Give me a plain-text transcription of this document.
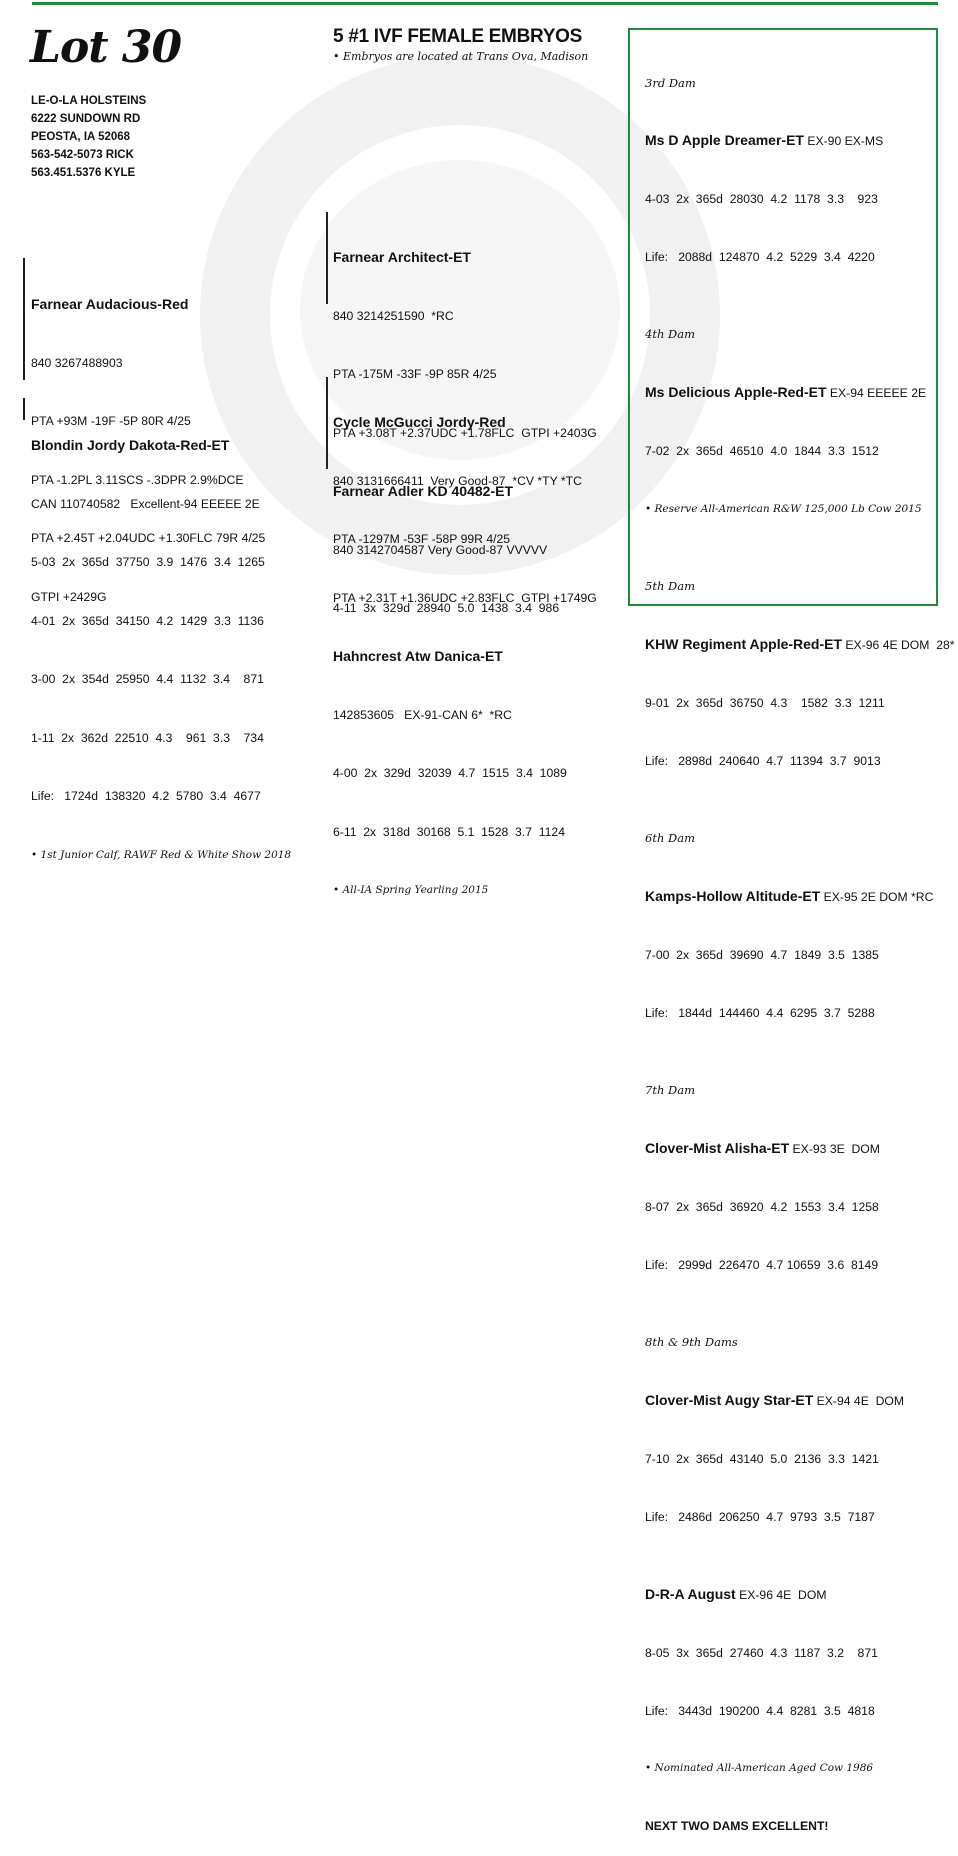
Lot 30
LE-O-LA HOLSTEINS
6222 SUNDOWN RD
PEOSTA, IA 52068
563-542-5073 RICK
563.451.5376 KYLE
5 #1 IVF FEMALE EMBRYOS
• Embryos are located at Trans Ova, Madison

Farnear Audacious-Red

840 3267488903

PTA +93M -19F -5P 80R 4/25

PTA -1.2PL 3.11SCS -.3DPR 2.9%DCE

PTA +2.45T +2.04UDC +1.30FLC 79R 4/25

GTPI +2429G

Blondin Jordy Dakota-Red-ET

CAN 110740582   Excellent-94 EEEEE 2E

5-03  2x  365d  37750  3.9  1476  3.4  1265

4-01  2x  365d  34150  4.2  1429  3.3  1136

3-00  2x  354d  25950  4.4  1132  3.4    871

1-11  2x  362d  22510  4.3    961  3.3    734

Life:   1724d  138320  4.2  5780  3.4  4677

• 1st Junior Calf, RAWF Red & White Show 2018

Farnear Architect-ET

840 3214251590  *RC

PTA -175M -33F -9P 85R 4/25

PTA +3.08T +2.37UDC +1.78FLC  GTPI +2403G

Farnear Adler KD 40482-ET

840 3142704587 Very Good-87 VVVVV

4-11  3x  329d  28940  5.0  1438  3.4  986

Cycle McGucci Jordy-Red

840 3131666411  Very Good-87  *CV *TY *TC

PTA -1297M -53F -58P 99R 4/25

PTA +2.31T +1.36UDC +2.83FLC  GTPI +1749G

Hahncrest Atw Danica-ET

142853605   EX-91-CAN 6*  *RC

4-00  2x  329d  32039  4.7  1515  3.4  1089

6-11  2x  318d  30168  5.1  1528  3.7  1124

• All-IA Spring Yearling 2015

3rd Dam

Ms D Apple Dreamer-ET EX-90 EX-MS

4-03  2x  365d  28030  4.2  1178  3.3    923

Life:   2088d  124870  4.2  5229  3.4  4220

4th Dam

Ms Delicious Apple-Red-ET EX-94 EEEEE 2E

7-02  2x  365d  46510  4.0  1844  3.3  1512

• Reserve All-American R&W 125,000 Lb Cow 2015

5th Dam

KHW Regiment Apple-Red-ET EX-96 4E DOM  28*

9-01  2x  365d  36750  4.3    1582  3.3  1211

Life:   2898d  240640  4.7  11394  3.7  9013

6th Dam

Kamps-Hollow Altitude-ET EX-95 2E DOM *RC

7-00  2x  365d  39690  4.7  1849  3.5  1385

Life:   1844d  144460  4.4  6295  3.7  5288

7th Dam

Clover-Mist Alisha-ET EX-93 3E  DOM

8-07  2x  365d  36920  4.2  1553  3.4  1258

Life:   2999d  226470  4.7 10659  3.6  8149

8th & 9th Dams

Clover-Mist Augy Star-ET EX-94 4E  DOM

7-10  2x  365d  43140  5.0  2136  3.3  1421

Life:   2486d  206250  4.7  9793  3.5  7187

D-R-A August EX-96 4E  DOM

8-05  3x  365d  27460  4.3  1187  3.2    871

Life:   3443d  190200  4.4  8281  3.5  4818

• Nominated All-American Aged Cow 1986

NEXT TWO DAMS EXCELLENT!
